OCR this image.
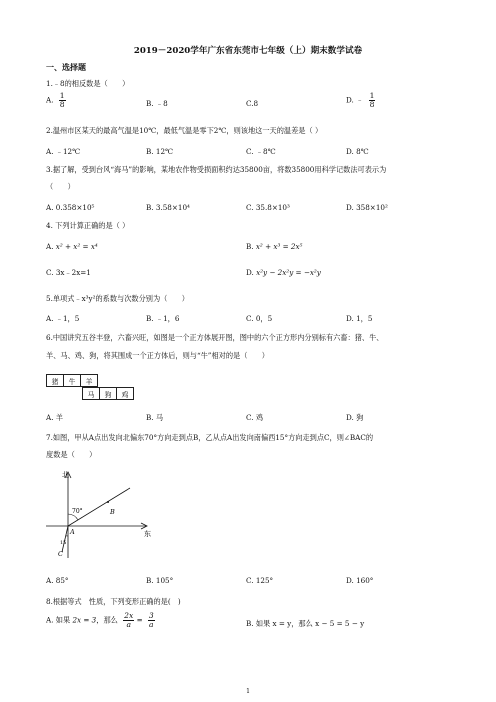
2019－2020学年广东省东莞市七年级（上）期末数学试卷
一、选择题
1.﹣8的相反数是（　　）
A. $\frac{1}{8}$	B. ﹣8	C.8	D. ﹣ $\frac{1}{8}$
2.温州市区某天的最高气温是10℃，最低气温是零下2℃，则该地这一天的温差是（ ）
A. ﹣12℃	B. 12℃	C. ﹣8℃	D. 8℃
3.据了解，受到台风“海马”的影响，某地农作物受损面积约达35800亩，将数35800用科学记数法可表示为
（　　）
A. 0.358×10⁵	B. 3.58×10⁴	C. 35.8×10³	D. 358×10²
4. 下列计算正确的是（ ）
A. x² + x² = x⁴	B. x² + x³ = 2x⁵
C. 3x﹣2x=1	D. x²y − 2x²y = −x²y
5.单项式﹣x³y²的系数与次数分别为（　　）
A. ﹣1，5	B. ﹣1，6	C. 0，5	D. 1，5
6.中国讲究五谷丰登，六畜兴旺，如图是一个正方体展开图，图中的六个正方形内分别标有六畜：猪、牛、
羊、马、鸡、狗，将其围成一个正方体后，则与“牛”相对的是（　　）
猪	牛	羊
马	狗	鸡
A. 羊	B. 马	C. 鸡	D. 狗
7.如图，甲从A点出发向北偏东70°方向走到点B，乙从点A出发向南偏西15°方向走到点C，则∠BAC的
度数是（　　）
北
东
70°
15
A
B
C
A. 85°	B. 105°	C. 125°	D. 160°
8.根据等式　性质，下列变形正确的是(　)
A. 如果 2x = 3，那么 $\frac{2x}{a} = \frac{3}{a}$	B. 如果 x = y，那么 x − 5 = 5 − y
1
